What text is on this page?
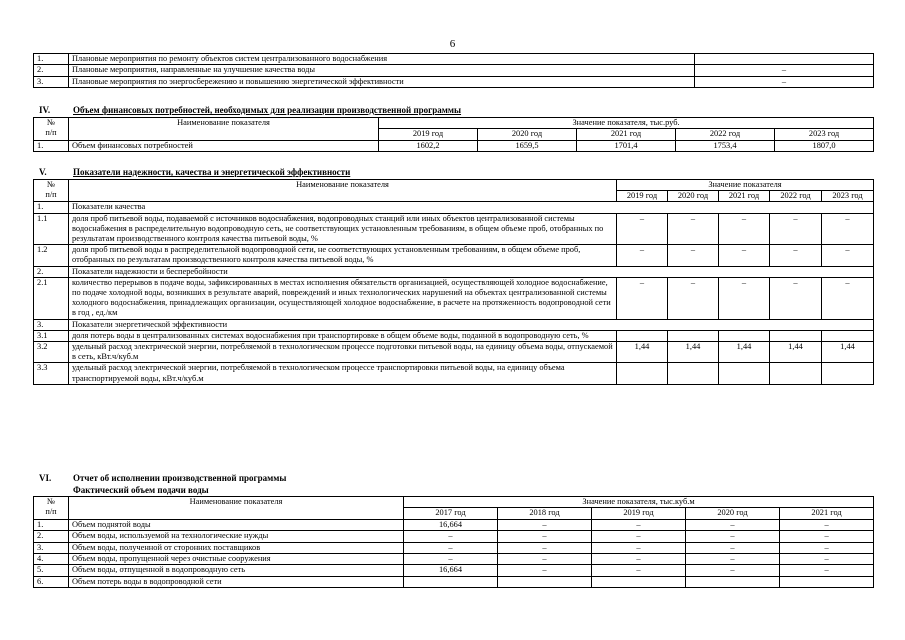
6
1.	Плановые мероприятия по ремонту объектов систем централизованного водоснабжения	
2.	Плановые мероприятия, направленные на улучшение качества воды	–
3.	Плановые мероприятия по энергосбережению и повышению энергетической эффективности	–
IV.	Объем финансовых потребностей, необходимых для реализации производственной программы
№
п/п	Наименование показателя	Значение показателя, тыс.руб.				
		2019 год	2020 год	2021 год	2022 год	2023 год
1.	Объем финансовых потребностей	1602,2	1659,5	1701,4	1753,4	1807,0
V.	Показатели надежности, качества и энергетической эффективности
№
п/п	Наименование показателя	Значение показателя				
		2019 год	2020 год	2021 год	2022 год	2023 год
1.	Показатели качества					
1.1	доля проб питьевой воды, подаваемой с источников водоснабжения, водопроводных станций или иных объектов централизованной системы водоснабжения в распределительную водопроводную сеть, не соответствующих установленным требованиям, в общем объеме проб, отобранных по результатам производственного контроля качества питьевой воды, %	–	–	–	–	–
1.2	доля проб питьевой воды в распределительной водопроводной сети, не соответствующих установленным требованиям, в общем объеме проб, отобранных по результатам производственного контроля качества питьевой воды, %	–	–	–	–	–
2.	Показатели надежности и бесперебойности					
2.1	количество перерывов в подаче воды, зафиксированных в местах исполнения обязательств организацией, осуществляющей холодное водоснабжение, по подаче холодной воды, возникших в результате аварий, повреждений и иных технологических нарушений на объектах централизованной системы холодного водоснабжения, принадлежащих организации, осуществляющей холодное водоснабжение, в расчете на протяженность водопроводной сети в год , ед./км	–	–	–	–	–
3.	Показатели энергетической эффективности					
3.1	доля потерь воды в централизованных системах водоснабжения при транспортировке в общем объеме воды, поданной в водопроводную сеть, %					
3.2	удельный расход электрической энергии, потребляемой в технологическом процессе подготовки питьевой воды, на единицу объема воды, отпускаемой в сеть, кВт.ч/куб.м	1,44	1,44	1,44	1,44	1,44
3.3	удельный расход электрической энергии, потребляемой в технологическом процессе транспортировки питьевой воды, на единицу объема транспортируемой воды, кВт.ч/куб.м					
VI. Отчет об исполнении производственной программы
Фактический объем подачи воды
№
п/п	Наименование показателя	Значение показателя, тыс.куб.м				
		2017 год	2018 год	2019 год	2020 год	2021 год
1.	Объем поднятой воды	16,664	–	–	–	–
2.	Объем воды, используемой на технологические нужды	–	–	–	–	–
3.	Объем воды, полученной от сторонних поставщиков	–	–	–	–	–
4.	Объем воды, пропущенной через очистные сооружения	–	–	–	–	–
5.	Объем воды, отпущенной в водопроводную сеть	16,664	–	–	–	–
6.	Объем потерь воды в водопроводной сети					
